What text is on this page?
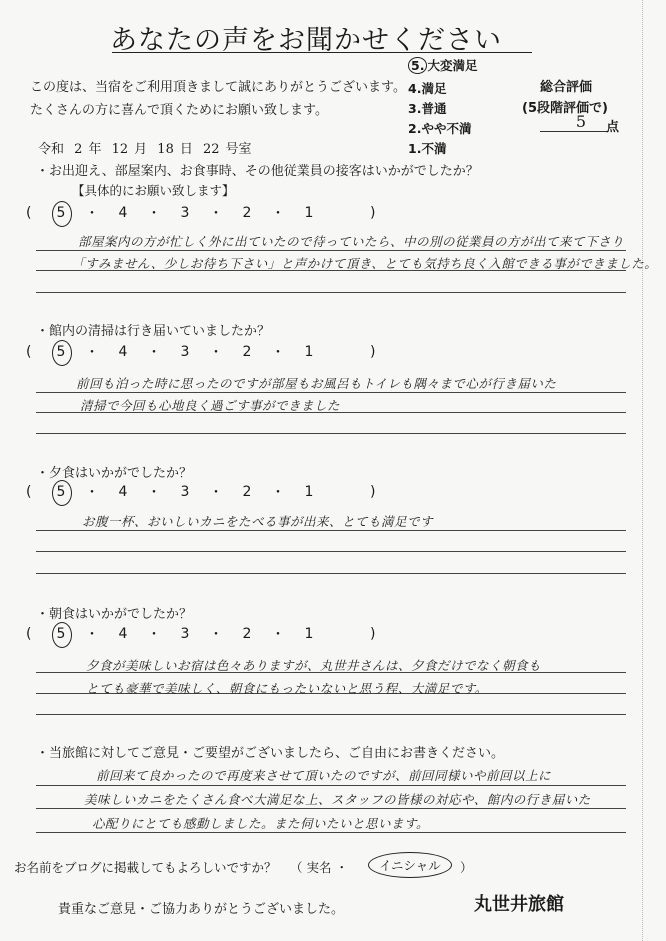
あなたの声をお聞かせください
この度は、当宿をご利用頂きまして誠にありがとうございます。
たくさんの方に喜んで頂くためにお願い致します。
5. 大変満足
4.満足
3.普通
2.やや不満
1.不満
総合評価
(5段階評価で)
5	点
令和 2 年 12 月 18 日 22 号室
・お出迎え、部屋案内、お食事時、その他従業員の接客はいかがでしたか？
【具体的にお願い致します】
(	5	・	4	・	3	・	2	・	1	)
部屋案内の方が忙しく外に出ていたので待っていたら、中の別の従業員の方が出て来て下さり
「すみません、少しお待ち下さい」と声かけて頂き、とても気持ち良く入館できる事ができました。
・館内の清掃は行き届いていましたか？
(	5	・	4	・	3	・	2	・	1	)
前回も泊った時に思ったのですが部屋もお風呂もトイレも隅々まで心が行き届いた
清掃で今回も心地良く過ごす事ができました
・夕食はいかがでしたか？
(	5	・	4	・	3	・	2	・	1	)
お腹一杯、おいしいカニをたべる事が出来、とても満足です
・朝食はいかがでしたか？
(	5	・	4	・	3	・	2	・	1	)
夕食が美味しいお宿は色々ありますが、丸世井さんは、夕食だけでなく朝食も
とても豪華で美味しく、朝食にもったいないと思う程、大満足です。
・当旅館に対してご意見・ご要望がございましたら、ご自由にお書きください。
前回来て良かったので再度来させて頂いたのですが、前回同様いや前回以上に
美味しいカニをたくさん食べ大満足な上、スタッフの皆様の対応や、館内の行き届いた
心配りにとても感動しました。また伺いたいと思います。
お名前をブログに掲載してもよろしいですか？ （ 実名 ・	イニシャル	）
貴重なご意見・ご協力ありがとうございました。	丸世井旅館
